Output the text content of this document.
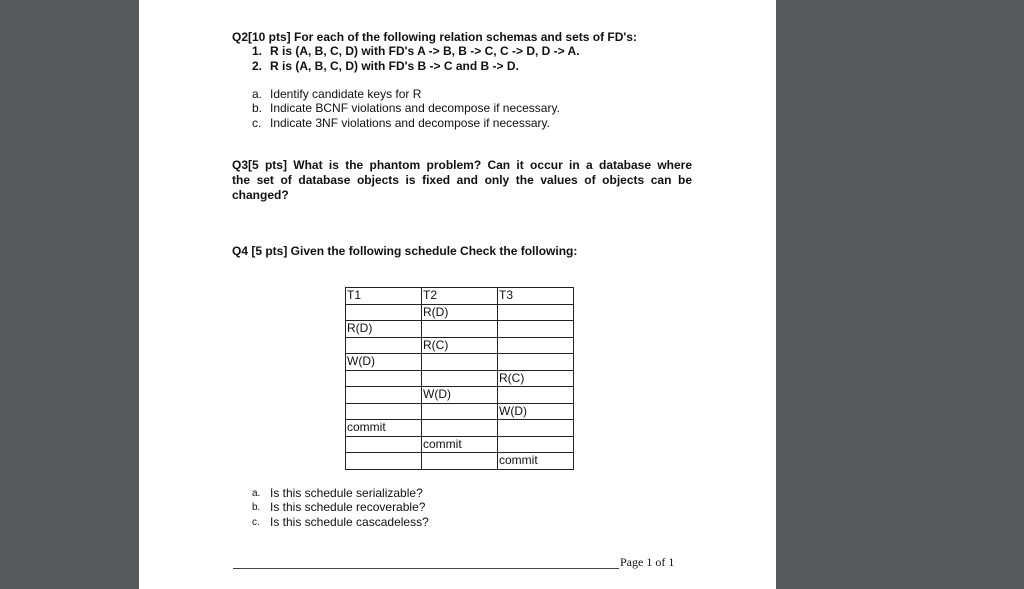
Q2[10 pts] For each of the following relation schemas and sets of FD's:
1. R is (A, B, C, D) with FD's A -> B, B -> C, C -> D, D -> A.
2. R is (A, B, C, D) with FD's B -> C and B -> D.
a. Identify candidate keys for R
b. Indicate BCNF violations and decompose if necessary.
c. Indicate 3NF violations and decompose if necessary.
Q3[5 pts] What is the phantom problem? Can it occur in a database where
the set of database objects is fixed and only the values of objects can be
changed?
Q4 [5 pts] Given the following schedule Check the following:
T1	T2	T3
	R(D)	
R(D)		
	R(C)	
W(D)		
		R(C)
	W(D)	
		W(D)
commit		
	commit	
		commit
a. Is this schedule serializable?
b. Is this schedule recoverable?
c. Is this schedule cascadeless?
Page 1 of 1
